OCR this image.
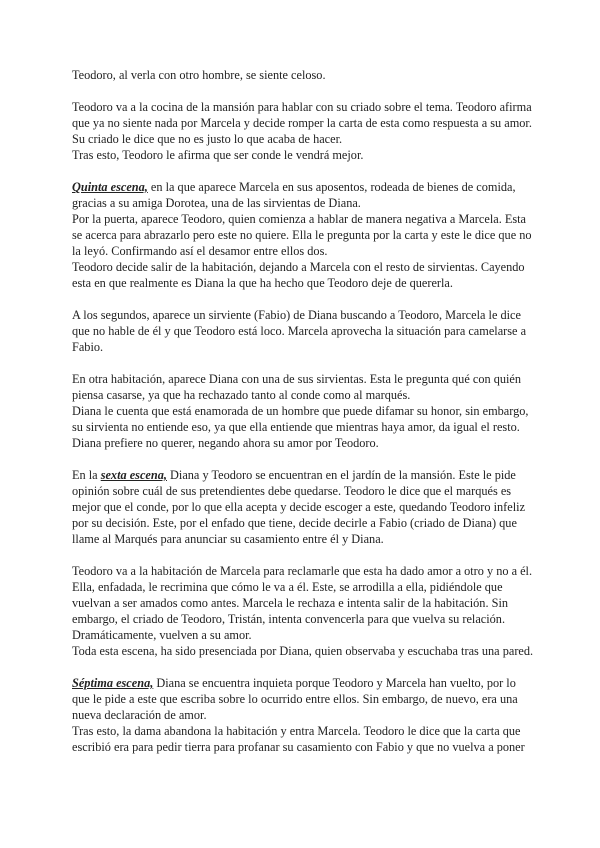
Teodoro, al verla con otro hombre, se siente celoso.

Teodoro va a la cocina de la mansión para hablar con su criado sobre el tema. Teodoro afirma que ya no siente nada por Marcela y decide romper la carta de esta como respuesta a su amor. Su criado le dice que no es justo lo que acaba de hacer.

Tras esto, Teodoro le afirma que ser conde le vendrá mejor.

Quinta escena, en la que aparece Marcela en sus aposentos, rodeada de bienes de comida, gracias a su amiga Dorotea, una de las sirvientas de Diana.

Por la puerta, aparece Teodoro, quien comienza a hablar de manera negativa a Marcela. Esta se acerca para abrazarlo pero este no quiere. Ella le pregunta por la carta y este le dice que no la leyó. Confirmando así el desamor entre ellos dos.

Teodoro decide salir de la habitación, dejando a Marcela con el resto de sirvientas. Cayendo esta en que realmente es Diana la que ha hecho que Teodoro deje de quererla.

A los segundos, aparece un sirviente (Fabio) de Diana buscando a Teodoro, Marcela le dice que no hable de él y que Teodoro está loco. Marcela aprovecha la situación para camelarse a Fabio.

En otra habitación, aparece Diana con una de sus sirvientas. Esta le pregunta qué con quién piensa casarse, ya que ha rechazado tanto al conde como al marqués.

Diana le cuenta que está enamorada de un hombre que puede difamar su honor, sin embargo, su sirvienta no entiende eso, ya que ella entiende que mientras haya amor, da igual el resto.

Diana prefiere no querer, negando ahora su amor por Teodoro.

En la sexta escena, Diana y Teodoro se encuentran en el jardín de la mansión. Este le pide opinión sobre cuál de sus pretendientes debe quedarse. Teodoro le dice que el marqués es mejor que el conde, por lo que ella acepta y decide escoger a este, quedando Teodoro infeliz por su decisión. Este, por el enfado que tiene, decide decirle a Fabio (criado de Diana) que llame al Marqués para anunciar su casamiento entre él y Diana.

Teodoro va a la habitación de Marcela para reclamarle que esta ha dado amor a otro y no a él. Ella, enfadada, le recrimina que cómo le va a él. Este, se arrodilla a ella, pidiéndole que vuelvan a ser amados como antes. Marcela le rechaza e intenta salir de la habitación. Sin embargo, el criado de Teodoro, Tristán, intenta convencerla para que vuelva su relación. Dramáticamente, vuelven a su amor.

Toda esta escena, ha sido presenciada por Diana, quien observaba y escuchaba tras una pared.

Séptima escena, Diana se encuentra inquieta porque Teodoro y Marcela han vuelto, por lo que le pide a este que escriba sobre lo ocurrido entre ellos. Sin embargo, de nuevo, era una nueva declaración de amor.

Tras esto, la dama abandona la habitación y entra Marcela. Teodoro le dice que la carta que escribió era para pedir tierra para profanar su casamiento con Fabio y que no vuelva a poner
